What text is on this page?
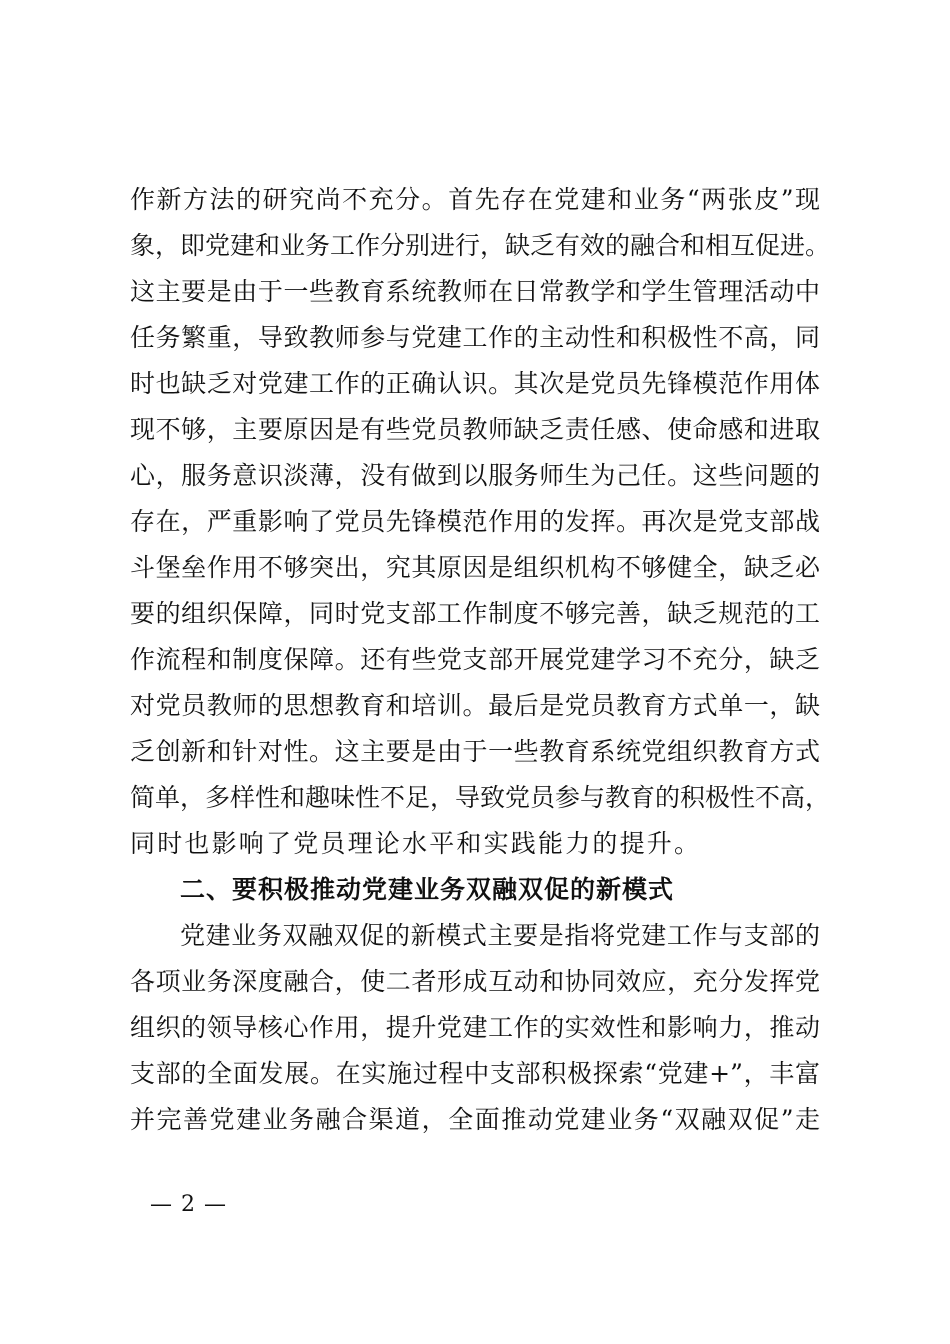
作新方法的研究尚不充分。首先存在党建和业务“两张皮”现
象，即党建和业务工作分别进行，缺乏有效的融合和相互促进。
这主要是由于一些教育系统教师在日常教学和学生管理活动中
任务繁重，导致教师参与党建工作的主动性和积极性不高，同
时也缺乏对党建工作的正确认识。其次是党员先锋模范作用体
现不够，主要原因是有些党员教师缺乏责任感、使命感和进取
心，服务意识淡薄，没有做到以服务师生为己任。这些问题的
存在，严重影响了党员先锋模范作用的发挥。再次是党支部战
斗堡垒作用不够突出，究其原因是组织机构不够健全，缺乏必
要的组织保障，同时党支部工作制度不够完善，缺乏规范的工
作流程和制度保障。还有些党支部开展党建学习不充分，缺乏
对党员教师的思想教育和培训。最后是党员教育方式单一，缺
乏创新和针对性。这主要是由于一些教育系统党组织教育方式
简单，多样性和趣味性不足，导致党员参与教育的积极性不高，
同时也影响了党员理论水平和实践能力的提升。
二、要积极推动党建业务双融双促的新模式
党建业务双融双促的新模式主要是指将党建工作与支部的
各项业务深度融合，使二者形成互动和协同效应，充分发挥党
组织的领导核心作用，提升党建工作的实效性和影响力，推动
支部的全面发展。在实施过程中支部积极探索“党建+”，丰富
并完善党建业务融合渠道，全面推动党建业务“双融双促”走
— 2 —
